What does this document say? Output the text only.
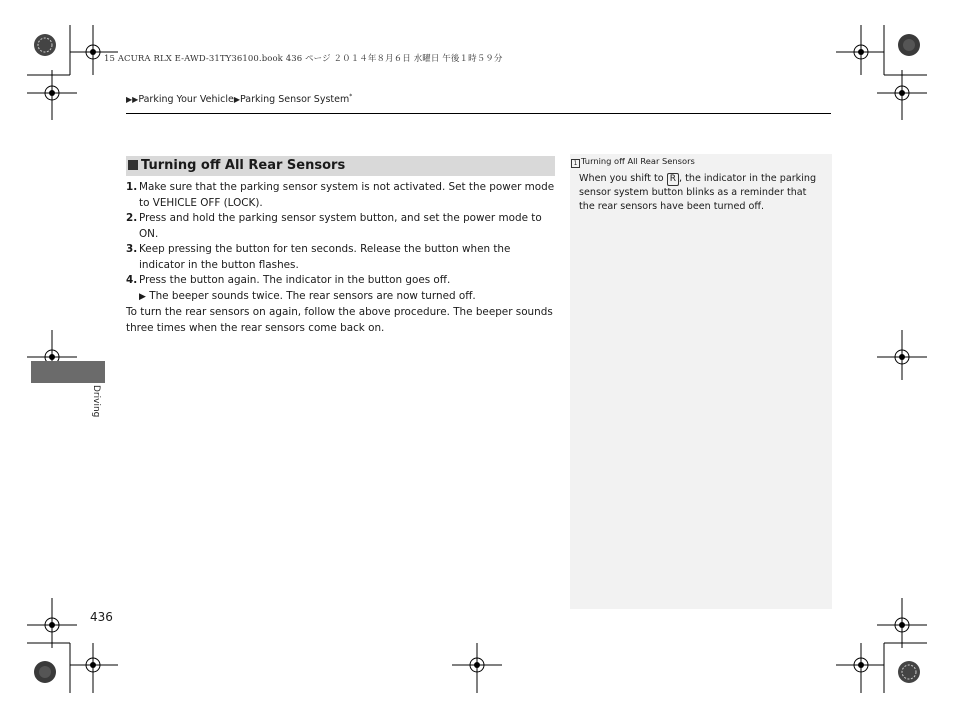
15 ACURA RLX E-AWD-31TY36100.book 436 ページ ２０１４年８月６日 水曜日 午後１時５９分
▶▶Parking Your Vehicle▶Parking Sensor System*
Turning off All Rear Sensors
1. Make sure that the parking sensor system is not activated. Set the power mode to VEHICLE OFF (LOCK).
2. Press and hold the parking sensor system button, and set the power mode to ON.
3. Keep pressing the button for ten seconds. Release the button when the indicator in the button flashes.
4. Press the button again. The indicator in the button goes off.
▶ The beeper sounds twice. The rear sensors are now turned off.
To turn the rear sensors on again, follow the above procedure. The beeper sounds three times when the rear sensors come back on.
1 Turning off All Rear Sensors
When you shift to R , the indicator in the parking sensor system button blinks as a reminder that the rear sensors have been turned off.
Driving
436
